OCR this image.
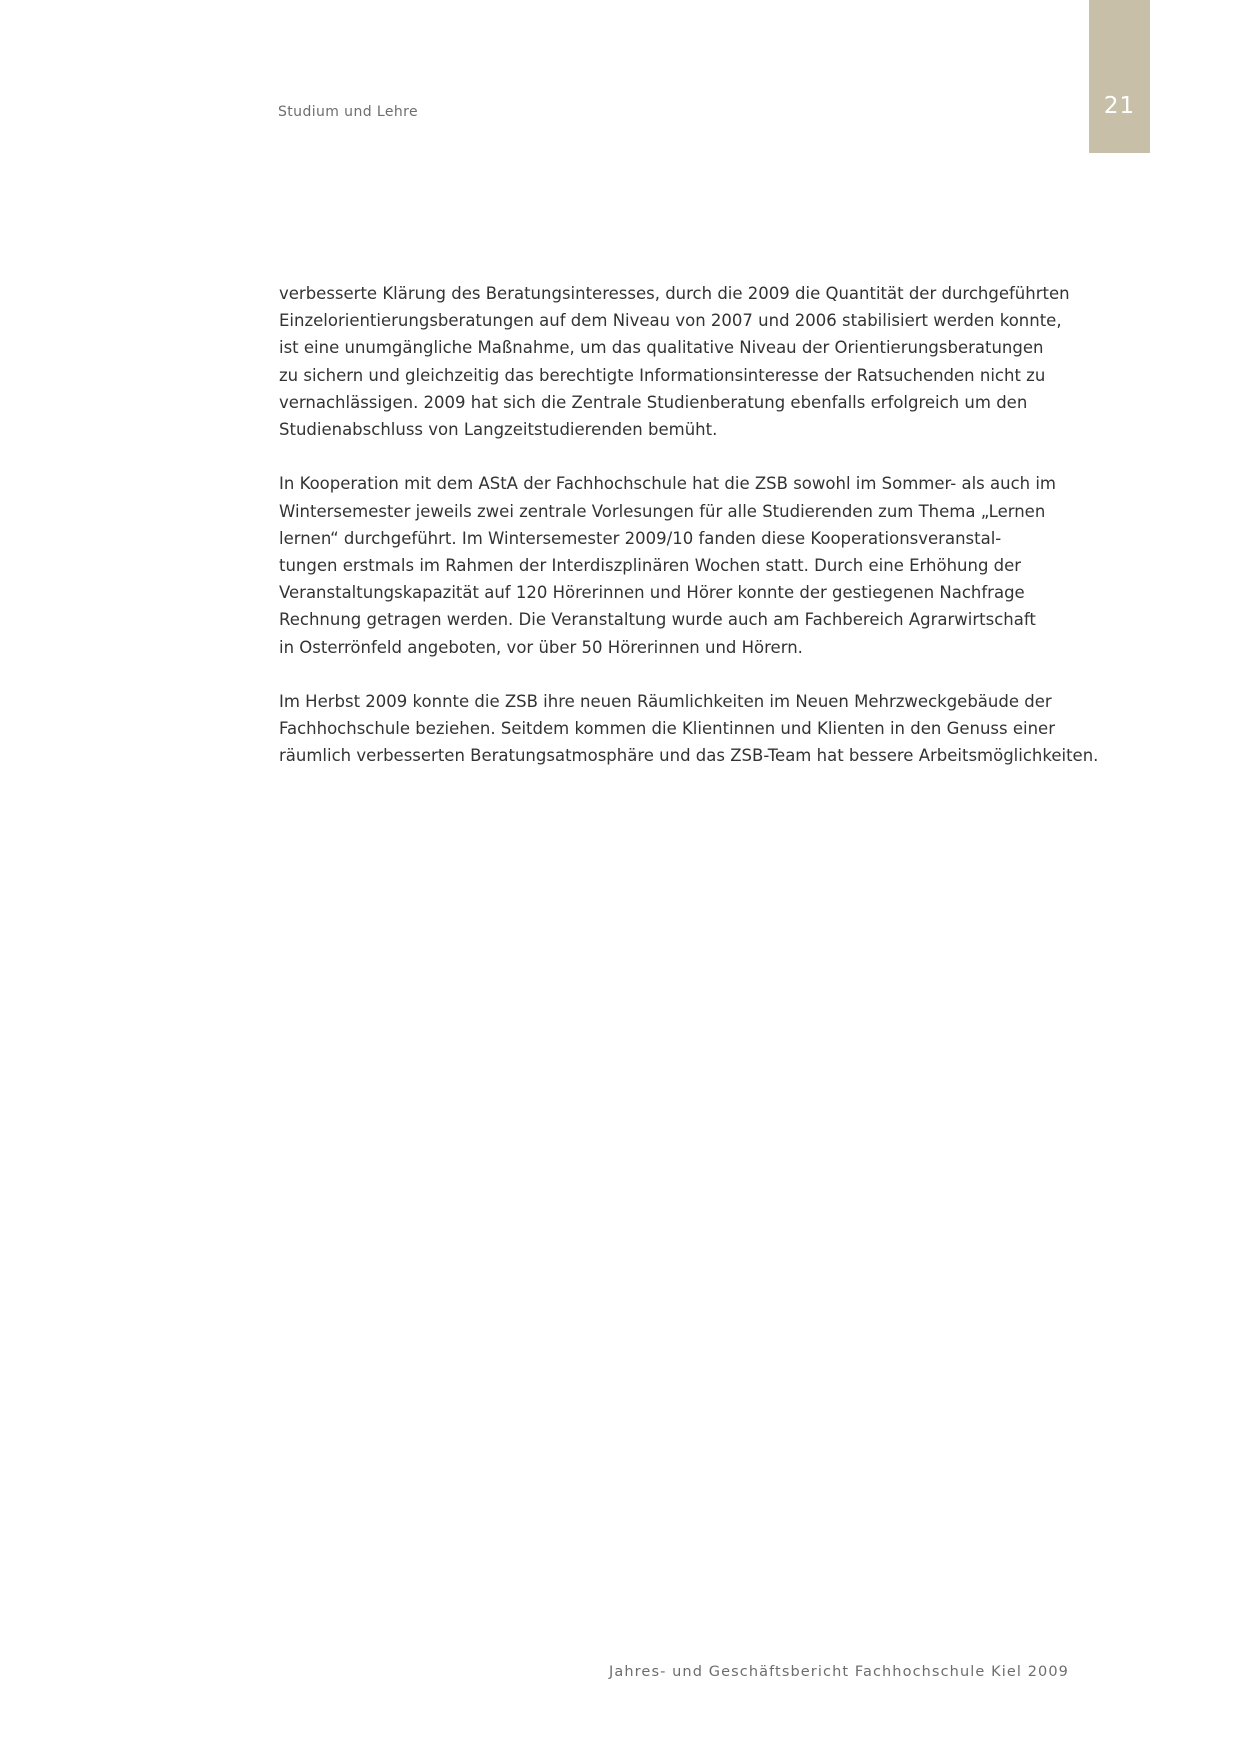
Studium und Lehre	21

verbesserte Klärung des Beratungsinteresses, durch die 2009 die Quantität der durchgeführten
Einzelorientierungsberatungen auf dem Niveau von 2007 und 2006 stabilisiert werden konnte,
ist eine unumgängliche Maßnahme, um das qualitative Niveau der Orientierungsberatungen
zu sichern und gleichzeitig das berechtigte Informationsinteresse der Ratsuchenden nicht zu
vernachlässigen. 2009 hat sich die Zentrale Studienberatung ebenfalls erfolgreich um den
Studienabschluss von Langzeitstudierenden bemüht.

In Kooperation mit dem AStA der Fachhochschule hat die ZSB sowohl im Sommer- als auch im
Wintersemester jeweils zwei zentrale Vorlesungen für alle Studierenden zum Thema „Lernen
lernen“ durchgeführt. Im Wintersemester 2009/10 fanden diese Kooperationsveranstal-
tungen erstmals im Rahmen der Interdiszplinären Wochen statt. Durch eine Erhöhung der
Veranstaltungskapazität auf 120 Hörerinnen und Hörer konnte der gestiegenen Nachfrage
Rechnung getragen werden. Die Veranstaltung wurde auch am Fachbereich Agrarwirtschaft
in Osterrönfeld angeboten, vor über 50 Hörerinnen und Hörern.

Im Herbst 2009 konnte die ZSB ihre neuen Räumlichkeiten im Neuen Mehrzweckgebäude der
Fachhochschule beziehen. Seitdem kommen die Klientinnen und Klienten in den Genuss einer
räumlich verbesserten Beratungsatmosphäre und das ZSB-Team hat bessere Arbeitsmöglichkeiten.

Jahres- und Geschäftsbericht Fachhochschule Kiel 2009
